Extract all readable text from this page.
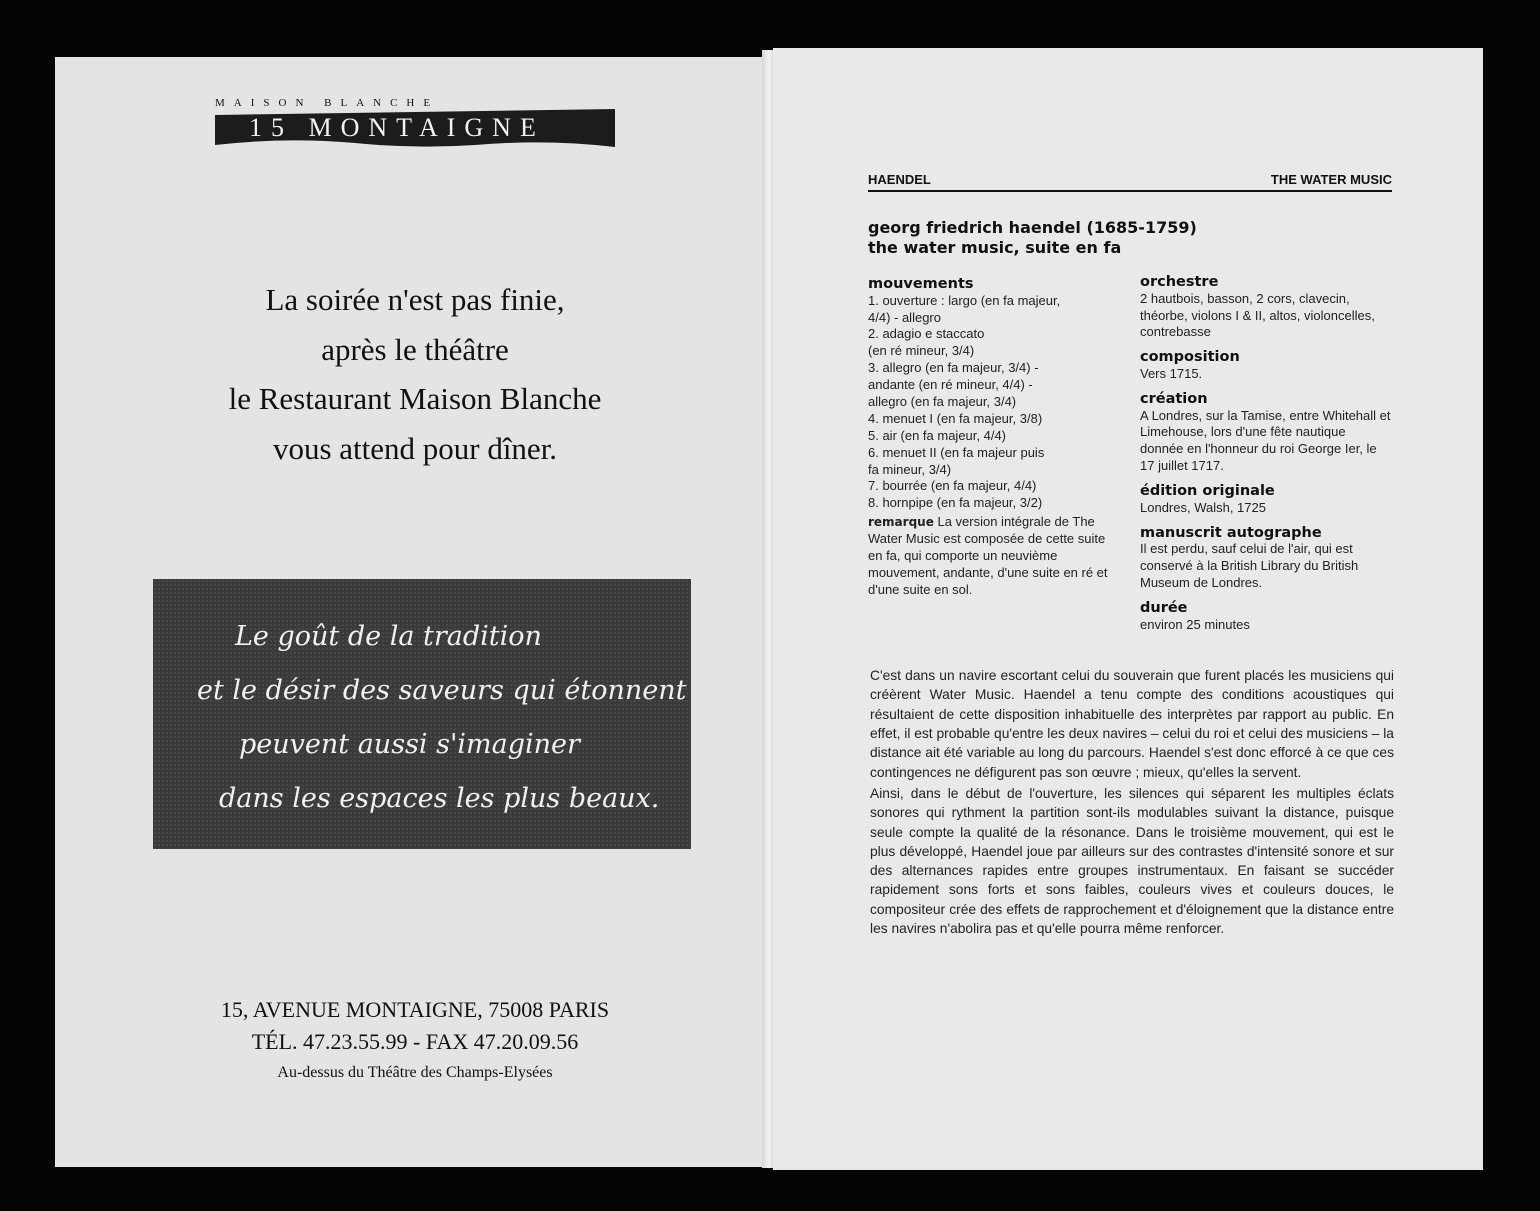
MAISON BLANCHE
15 MONTAIGNE
La soirée n'est pas finie,
après le théâtre
le Restaurant Maison Blanche
vous attend pour dîner.
Le goût de la tradition
et le désir des saveurs qui étonnent
peuvent aussi s'imaginer
dans les espaces les plus beaux.
15, AVENUE MONTAIGNE, 75008 PARIS
TÉL. 47.23.55.99 - FAX 47.20.09.56
Au-dessus du Théâtre des Champs-Elysées
HAENDEL	THE WATER MUSIC
georg friedrich haendel (1685-1759)
the water music, suite en fa
mouvements
1. ouverture : largo (en fa majeur,
4/4) - allegro
2. adagio e staccato
(en ré mineur, 3/4)
3. allegro (en fa majeur, 3/4) -
andante (en ré mineur, 4/4) -
allegro (en fa majeur, 3/4)
4. menuet I (en fa majeur, 3/8)
5. air (en fa majeur, 4/4)
6. menuet II (en fa majeur puis
fa mineur, 3/4)
7. bourrée (en fa majeur, 4/4)
8. hornpipe (en fa majeur, 3/2)
remarque La version intégrale de The Water Music est composée de cette suite en fa, qui comporte un neuvième mouvement, andante, d'une suite en ré et d'une suite en sol.
orchestre
2 hautbois, basson, 2 cors, clavecin, théorbe, violons I & II, altos, violoncelles, contrebasse
composition
Vers 1715.
création
A Londres, sur la Tamise, entre Whitehall et Limehouse, lors d'une fête nautique donnée en l'honneur du roi George Ier, le 17 juillet 1717.
édition originale
Londres, Walsh, 1725
manuscrit autographe
Il est perdu, sauf celui de l'air, qui est conservé à la British Library du British Museum de Londres.
durée
environ 25 minutes

C'est dans un navire escortant celui du souverain que furent placés les musiciens qui créèrent Water Music. Haendel a tenu compte des conditions acoustiques qui résultaient de cette disposition inhabituelle des interprètes par rapport au public. En effet, il est probable qu'entre les deux navires – celui du roi et celui des musiciens – la distance ait été variable au long du parcours. Haendel s'est donc efforcé à ce que ces contingences ne défigurent pas son œuvre ; mieux, qu'elles la servent.

Ainsi, dans le début de l'ouverture, les silences qui séparent les multiples éclats sonores qui rythment la partition sont-ils modulables suivant la distance, puisque seule compte la qualité de la résonance. Dans le troisième mouvement, qui est le plus développé, Haendel joue par ailleurs sur des contrastes d'intensité sonore et sur des alternances rapides entre groupes instrumentaux. En faisant se succéder rapidement sons forts et sons faibles, couleurs vives et couleurs douces, le compositeur crée des effets de rapprochement et d'éloignement que la distance entre les navires n'abolira pas et qu'elle pourra même renforcer.
